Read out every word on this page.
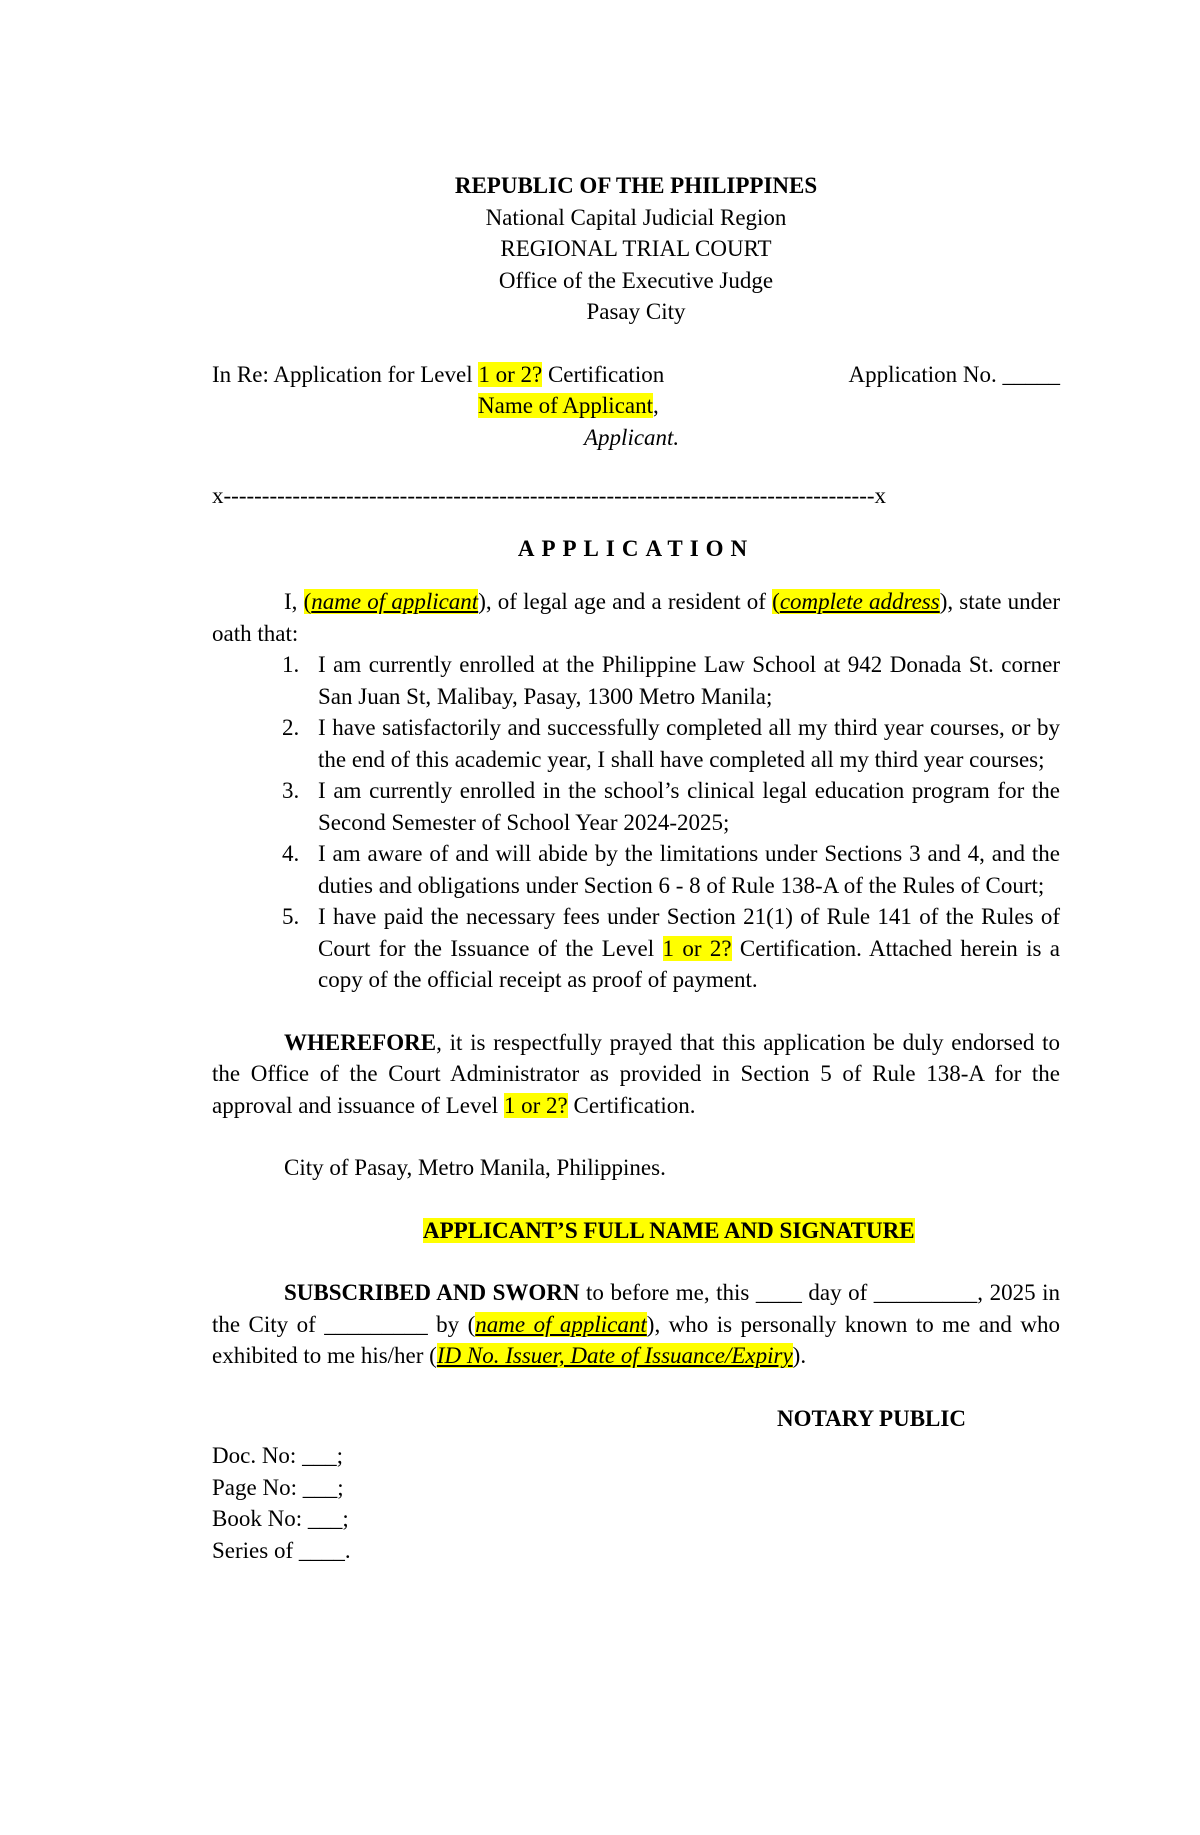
REPUBLIC OF THE PHILIPPINES
National Capital Judicial Region
REGIONAL TRIAL COURT
Office of the Executive Judge
Pasay City
In Re: Application for Level 1 or 2? Certification	Application No. _____
Name of Applicant,
Applicant.
x-------------------------------------------------------------------------------------x
APPLICATION
I, (name of applicant), of legal age and a resident of (complete address), state under oath that:
1. I am currently enrolled at the Philippine Law School at 942 Donada St. corner San Juan St, Malibay, Pasay, 1300 Metro Manila;
2. I have satisfactorily and successfully completed all my third year courses, or by the end of this academic year, I shall have completed all my third year courses;
3. I am currently enrolled in the school’s clinical legal education program for the Second Semester of School Year 2024-2025;
4. I am aware of and will abide by the limitations under Sections 3 and 4, and the duties and obligations under Section 6 - 8 of Rule 138-A of the Rules of Court;
5. I have paid the necessary fees under Section 21(1) of Rule 141 of the Rules of Court for the Issuance of the Level 1 or 2? Certification. Attached herein is a copy of the official receipt as proof of payment.
WHEREFORE, it is respectfully prayed that this application be duly endorsed to the Office of the Court Administrator as provided in Section 5 of Rule 138-A for the approval and issuance of Level 1 or 2? Certification.
City of Pasay, Metro Manila, Philippines.
APPLICANT’S FULL NAME AND SIGNATURE
SUBSCRIBED AND SWORN to before me, this ____ day of _________, 2025 in the City of _________ by (name of applicant), who is personally known to me and who exhibited to me his/her (ID No. Issuer, Date of Issuance/Expiry).
NOTARY PUBLIC
Doc. No: ___;
Page No: ___;
Book No: ___;
Series of ____.
